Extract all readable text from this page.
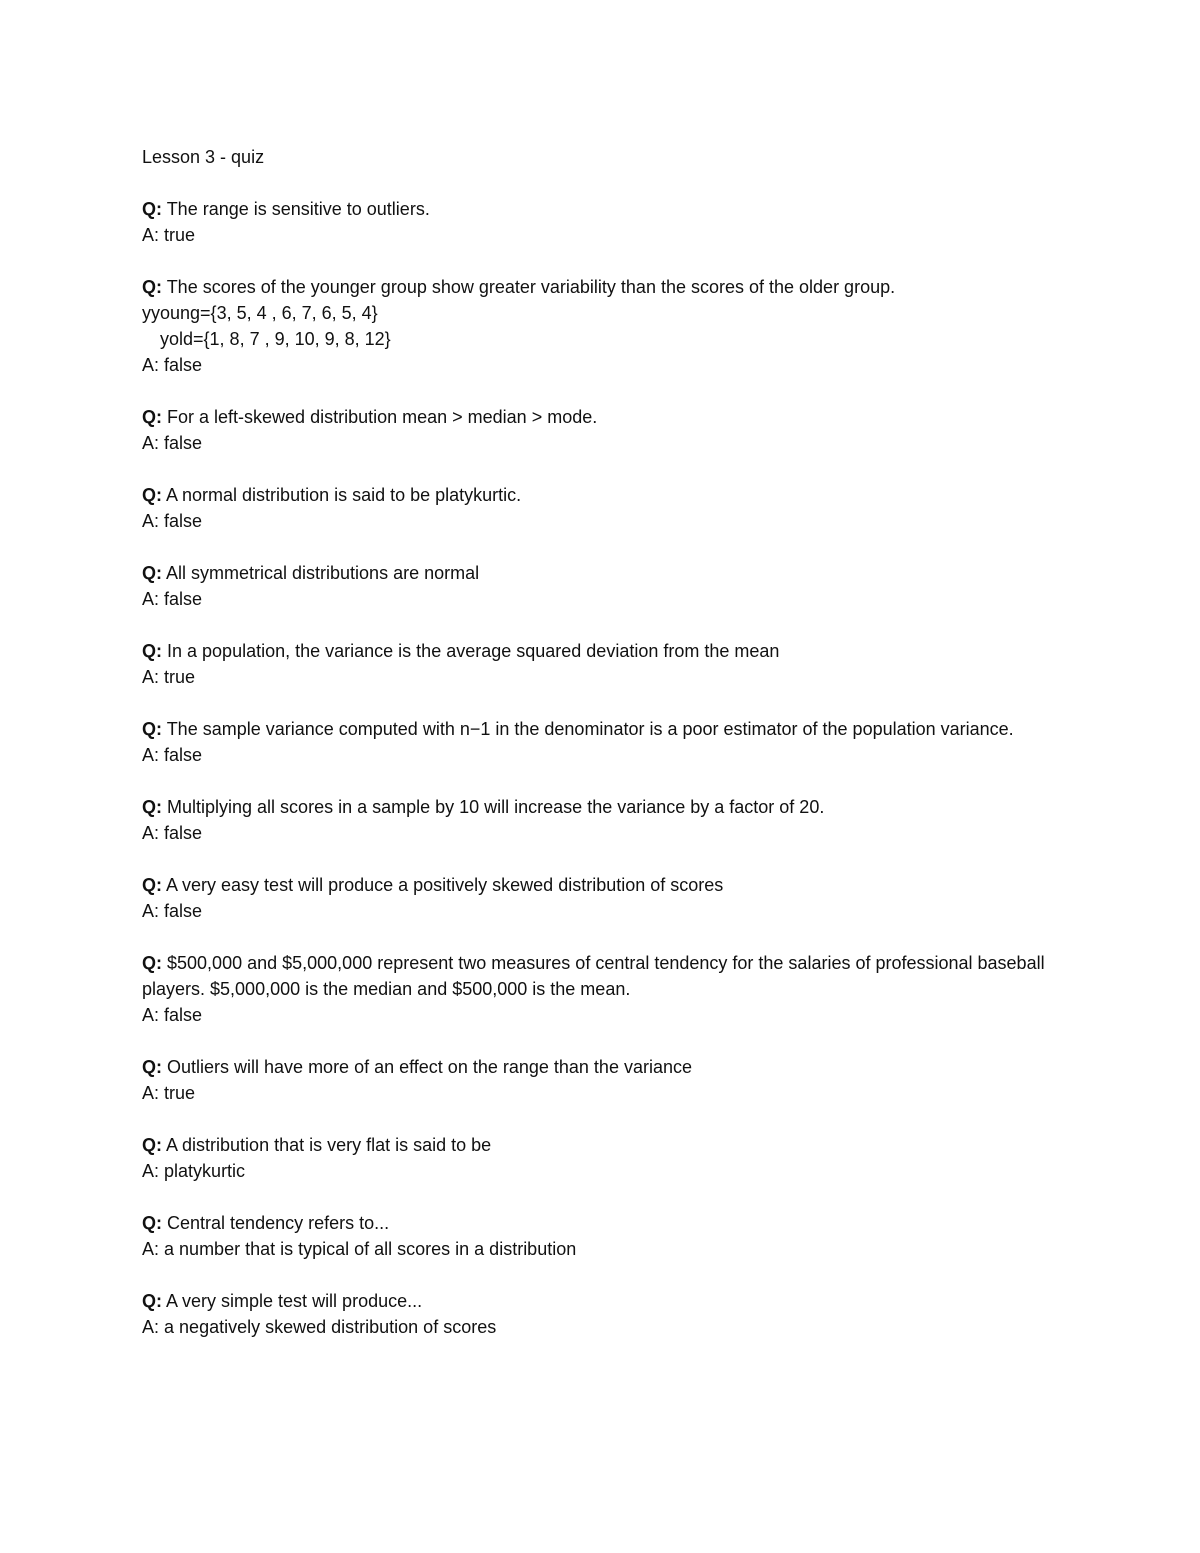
Lesson 3 - quiz
Q: The range is sensitive to outliers.
A: true
Q: The scores of the younger group show greater variability than the scores of the older group.
yyoung={3, 5, 4 , 6, 7, 6, 5, 4}
yold={1, 8, 7 , 9, 10, 9, 8, 12}
A: false
Q: For a left-skewed distribution mean > median > mode.
A: false
Q: A normal distribution is said to be platykurtic.
A: false
Q: All symmetrical distributions are normal
A: false
Q: In a population, the variance is the average squared deviation from the mean
A: true
Q: The sample variance computed with n−1 in the denominator is a poor estimator of the population variance.
A: false
Q: Multiplying all scores in a sample by 10 will increase the variance by a factor of 20.
A: false
Q: A very easy test will produce a positively skewed distribution of scores
A: false
Q: $500,000 and $5,000,000 represent two measures of central tendency for the salaries of professional baseball players. $5,000,000 is the median and $500,000 is the mean.
A: false
Q: Outliers will have more of an effect on the range than the variance
A: true
Q: A distribution that is very flat is said to be
A: platykurtic
Q: Central tendency refers to...
A: a number that is typical of all scores in a distribution
Q: A very simple test will produce...
A: a negatively skewed distribution of scores
